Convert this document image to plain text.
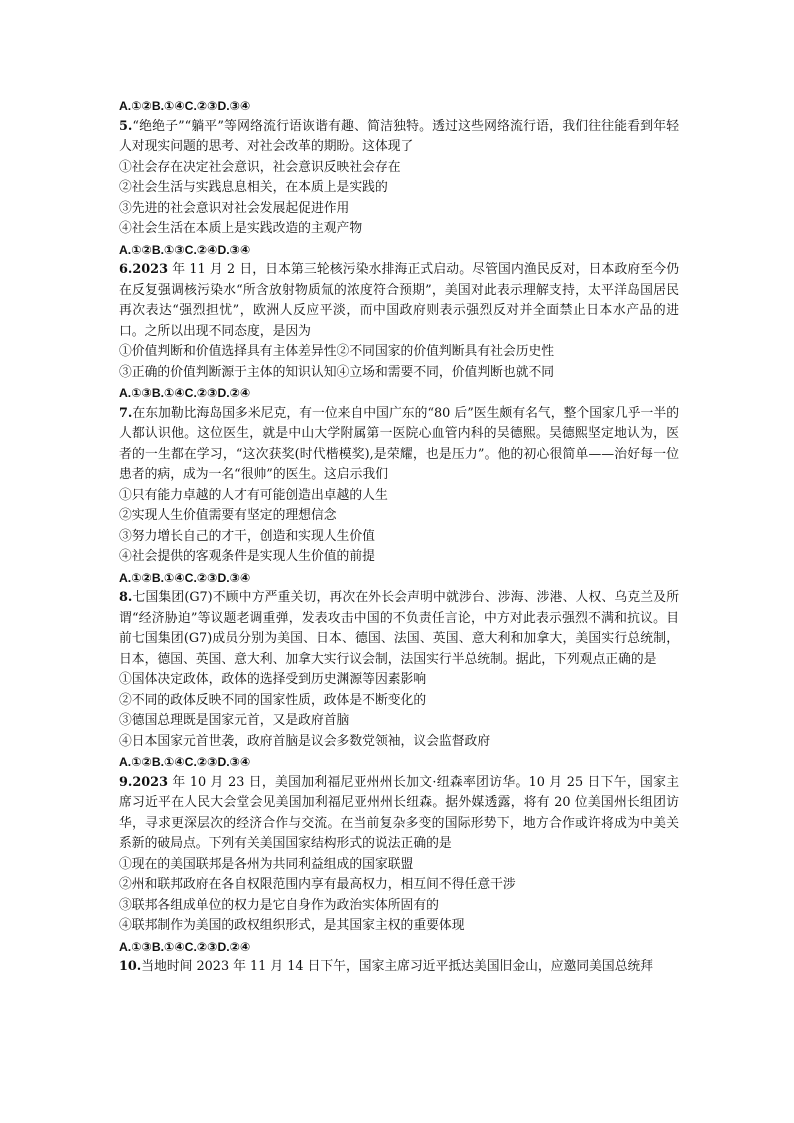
A.①②B.①④C.②③D.③④

5.“绝绝子”“躺平”等网络流行语诙谐有趣、简洁独特。透过这些网络流行语，我们往往能看到年轻人对现实问题的思考、对社会改革的期盼。这体现了

①社会存在决定社会意识，社会意识反映社会存在

②社会生活与实践息息相关，在本质上是实践的

③先进的社会意识对社会发展起促进作用

④社会生活在本质上是实践改造的主观产物

A.①②B.①③C.②④D.③④

6.2023 年 11 月 2 日，日本第三轮核污染水排海正式启动。尽管国内渔民反对，日本政府至今仍在反复强调核污染水“所含放射物质氚的浓度符合预期”，美国对此表示理解支持，太平洋岛国居民再次表达“强烈担忧”，欧洲人反应平淡，而中国政府则表示强烈反对并全面禁止日本水产品的进口。之所以出现不同态度，是因为

①价值判断和价值选择具有主体差异性②不同国家的价值判断具有社会历史性

③正确的价值判断源于主体的知识认知④立场和需要不同，价值判断也就不同

A.①③B.①④C.②③D.②④

7.在东加勒比海岛国多米尼克，有一位来自中国广东的“80 后”医生颇有名气，整个国家几乎一半的人都认识他。这位医生，就是中山大学附属第一医院心血管内科的吴德熙。吴德熙坚定地认为，医者的一生都在学习，“这次获奖(时代楷模奖),是荣耀，也是压力”。他的初心很简单——治好每一位患者的病，成为一名“很帅”的医生。这启示我们

①只有能力卓越的人才有可能创造出卓越的人生

②实现人生价值需要有坚定的理想信念

③努力增长自己的才干，创造和实现人生价值

④社会提供的客观条件是实现人生价值的前提

A.①②B.①④C.②③D.③④

8.七国集团(G7)不顾中方严重关切，再次在外长会声明中就涉台、涉海、涉港、人权、乌克兰及所谓“经济胁迫”等议题老调重弹，发表攻击中国的不负责任言论，中方对此表示强烈不满和抗议。目前七国集团(G7)成员分别为美国、日本、德国、法国、英国、意大利和加拿大，美国实行总统制，日本，德国、英国、意大利、加拿大实行议会制，法国实行半总统制。据此，下列观点正确的是

①国体决定政体，政体的选择受到历史渊源等因素影响

②不同的政体反映不同的国家性质，政体是不断变化的

③德国总理既是国家元首，又是政府首脑

④日本国家元首世袭，政府首脑是议会多数党领袖，议会监督政府

A.①②B.①④C.②③D.③④

9.2023 年 10 月 23 日，美国加利福尼亚州州长加文·纽森率团访华。10 月 25 日下午，国家主席习近平在人民大会堂会见美国加利福尼亚州州长纽森。据外媒透露，将有 20 位美国州长组团访华，寻求更深层次的经济合作与交流。在当前复杂多变的国际形势下，地方合作或许将成为中美关系新的破局点。下列有关美国国家结构形式的说法正确的是

①现在的美国联邦是各州为共同利益组成的国家联盟

②州和联邦政府在各自权限范围内享有最高权力，相互间不得任意干涉

③联邦各组成单位的权力是它自身作为政治实体所固有的

④联邦制作为美国的政权组织形式，是其国家主权的重要体现

A.①③B.①④C.②③D.②④

10.当地时间 2023 年 11 月 14 日下午，国家主席习近平抵达美国旧金山，应邀同美国总统拜
